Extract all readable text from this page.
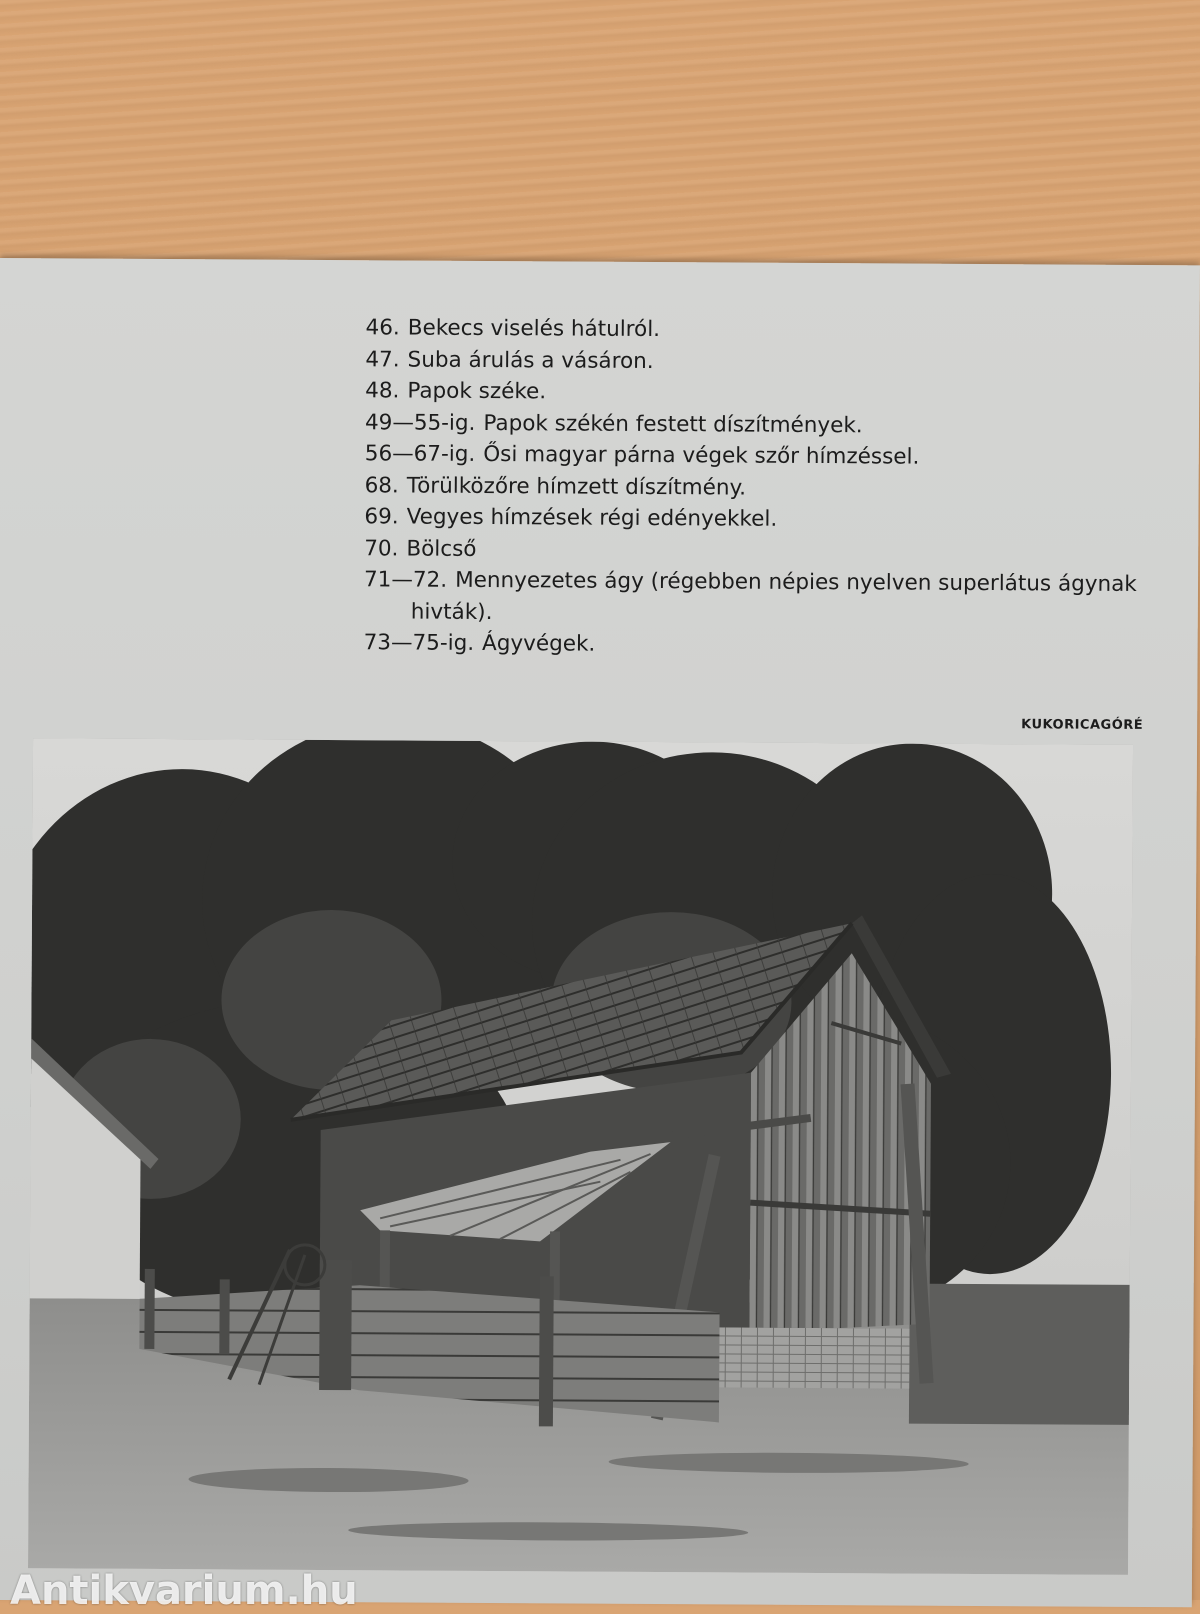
46. Bekecs viselés hátulról.
47. Suba árulás a vásáron.
48. Papok széke.
49—55-ig. Papok székén festett díszítmények.
56—67-ig. Ősi magyar párna végek szőr hímzéssel.
68. Törülközőre hímzett díszítmény.
69. Vegyes hímzések régi edényekkel.
70. Bölcső
71—72. Mennyezetes ágy (régebben népies nyelven superlátus ágynak
hivták).
73—75-ig. Ágyvégek.
KUKORICAGÓRÉ
Antikvarium.hu
